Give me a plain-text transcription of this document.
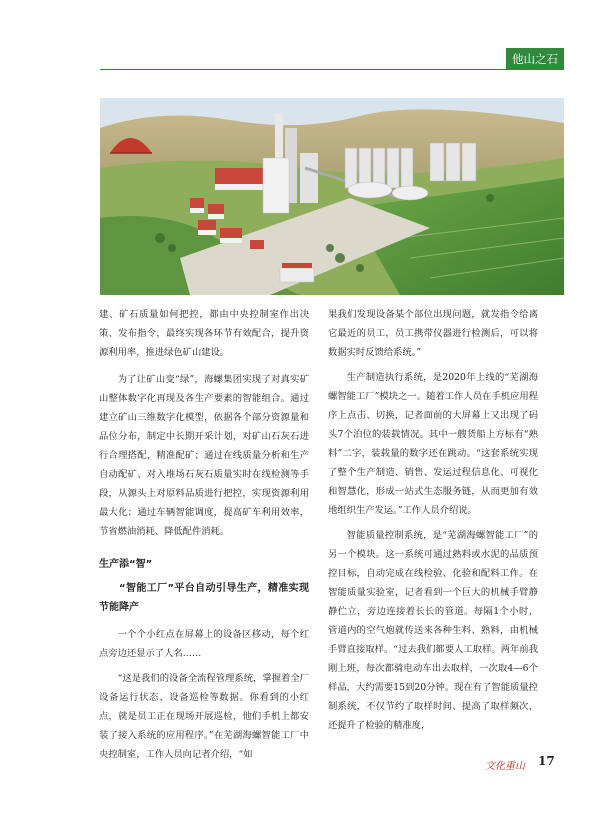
他山之石

建、矿石质量如何把控，都由中央控制室作出决策、发布指令，最终实现各环节有效配合，提升资源利用率，推进绿色矿山建设。

为了让矿山变“绿”，海螺集团实现了对真实矿山整体数字化再现及各生产要素的智能组合。通过建立矿山三维数字化模型，依据各个部分资源量和品位分布，制定中长期开采计划，对矿山石灰石进行合理搭配，精准配矿；通过在线质量分析和生产自动配矿、对入堆场石灰石质量实时在线检测等手段，从源头上对原料品质进行把控，实现资源利用最大化；通过车辆智能调度，提高矿车利用效率，节省燃油消耗、降低配件消耗。

生产添“智”

“智能工厂”平台自动引导生产，精准实现节能降产

一个个小红点在屏幕上的设备区移动，每个红点旁边还显示了人名……

“这是我们的设备全流程管理系统，掌握着全厂设备运行状态、设备巡检等数据。你看到的小红点，就是员工正在现场开展巡检，他们手机上都安装了接入系统的应用程序。”在芜湖海螺智能工厂中央控制室，工作人员向记者介绍，“如

果我们发现设备某个部位出现问题，就发指令给离它最近的员工，员工携带仪器进行检测后，可以将数据实时反馈给系统。”

生产制造执行系统，是2020年上线的“芜湖海螺智能工厂”模块之一。随着工作人员在手机应用程序上点击、切换，记者面前的大屏幕上又出现了码头7个泊位的装载情况。其中一艘货船上方标有“熟料”二字，装载量的数字还在跳动。“这套系统实现了整个生产制造、销售、发运过程信息化、可视化和智慧化，形成一站式生态服务链，从而更加有效地组织生产发运。”工作人员介绍说。

智能质量控制系统，是“芜湖海螺智能工厂”的另一个模块。这一系统可通过熟料或水泥的品质预控目标，自动完成在线检验、化验和配料工作。在智能质量实验室，记者看到一个巨大的机械手臂静静伫立，旁边连接着长长的管道。每隔1个小时，管道内的空气炮就传送来各种生料、熟料，由机械手臂直接取样。“过去我们都要人工取样。两年前我刚上班，每次都骑电动车出去取样，一次取4—6个样品，大约需要15到20分钟。现在有了智能质量控制系统，不仅节约了取样时间、提高了取样频次，还提升了检验的精准度，

文化重山 17
